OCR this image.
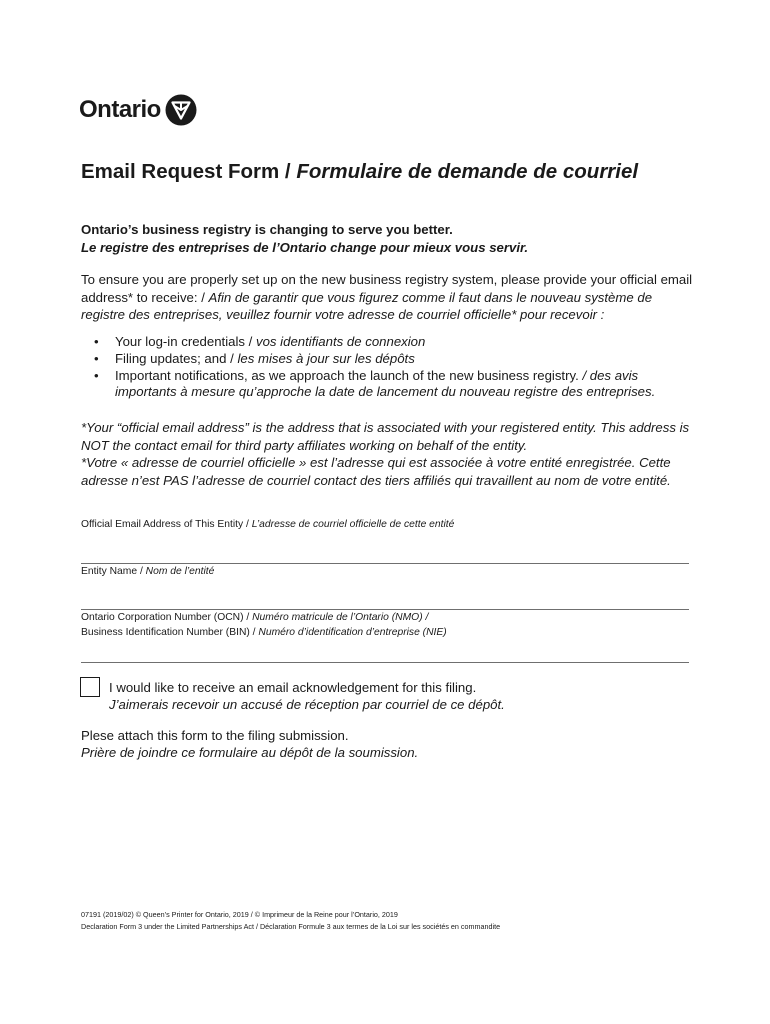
Ontario
Email Request Form / Formulaire de demande de courriel
Ontario’s business registry is changing to serve you better.
Le registre des entreprises de l’Ontario change pour mieux vous servir.
To ensure you are properly set up on the new business registry system, please provide your official email address* to receive: / Afin de garantir que vous figurez comme il faut dans le nouveau système de registre des entreprises, veuillez fournir votre adresse de courriel officielle* pour recevoir :
• Your log-in credentials / vos identifiants de connexion
• Filing updates; and / les mises à jour sur les dépôts
• Important notifications, as we approach the launch of the new business registry. / des avis importants à mesure qu’approche la date de lancement du nouveau registre des entreprises.
*Your “official email address” is the address that is associated with your registered entity. This address is NOT the contact email for third party affiliates working on behalf of the entity.
*Votre « adresse de courriel officielle » est l’adresse qui est associée à votre entité enregistrée. Cette adresse n’est PAS l’adresse de courriel contact des tiers affiliés qui travaillent au nom de votre entité.
Official Email Address of This Entity / L’adresse de courriel officielle de cette entité
Entity Name / Nom de l’entité
Ontario Corporation Number (OCN) / Numéro matricule de l’Ontario (NMO) /
Business Identification Number (BIN) / Numéro d’identification d’entreprise (NIE)
I would like to receive an email acknowledgement for this filing.
J’aimerais recevoir un accusé de réception par courriel de ce dépôt.
Plese attach this form to the filing submission.
Prière de joindre ce formulaire au dépôt de la soumission.
07191 (2019/02) © Queen’s Printer for Ontario, 2019 / © Imprimeur de la Reine pour l’Ontario, 2019
Declaration Form 3 under the Limited Partnerships Act / Déclaration Formule 3 aux termes de la Loi sur les sociétés en commandite
